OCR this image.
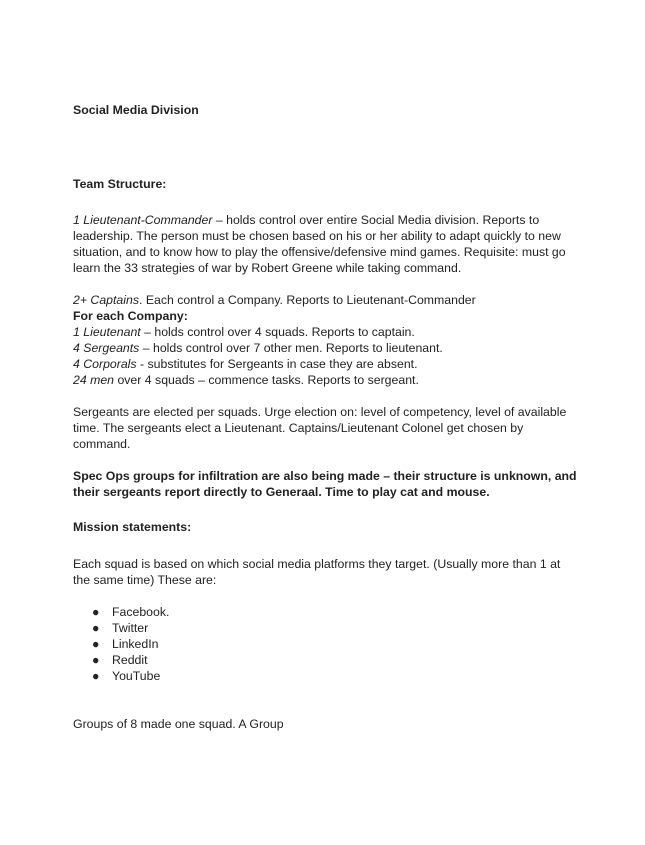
Social Media Division

Team Structure:

1 Lieutenant-Commander – holds control over entire Social Media division. Reports to leadership. The person must be chosen based on his or her ability to adapt quickly to new situation, and to know how to play the offensive/defensive mind games. Requisite: must go learn the 33 strategies of war by Robert Greene while taking command.

2+ Captains. Each control a Company. Reports to Lieutenant-Commander

For each Company:

1 Lieutenant – holds control over 4 squads. Reports to captain.

4 Sergeants – holds control over 7 other men. Reports to lieutenant.

4 Corporals - substitutes for Sergeants in case they are absent.

24 men over 4 squads – commence tasks. Reports to sergeant.

Sergeants are elected per squads. Urge election on: level of competency, level of available time. The sergeants elect a Lieutenant. Captains/Lieutenant Colonel get chosen by command.

Spec Ops groups for infiltration are also being made – their structure is unknown, and their sergeants report directly to Generaal. Time to play cat and mouse.

Mission statements:

Each squad is based on which social media platforms they target. (Usually more than 1 at the same time) These are:

● Facebook.
● Twitter
● LinkedIn
● Reddit
● YouTube

Groups of 8 made one squad. A Group
